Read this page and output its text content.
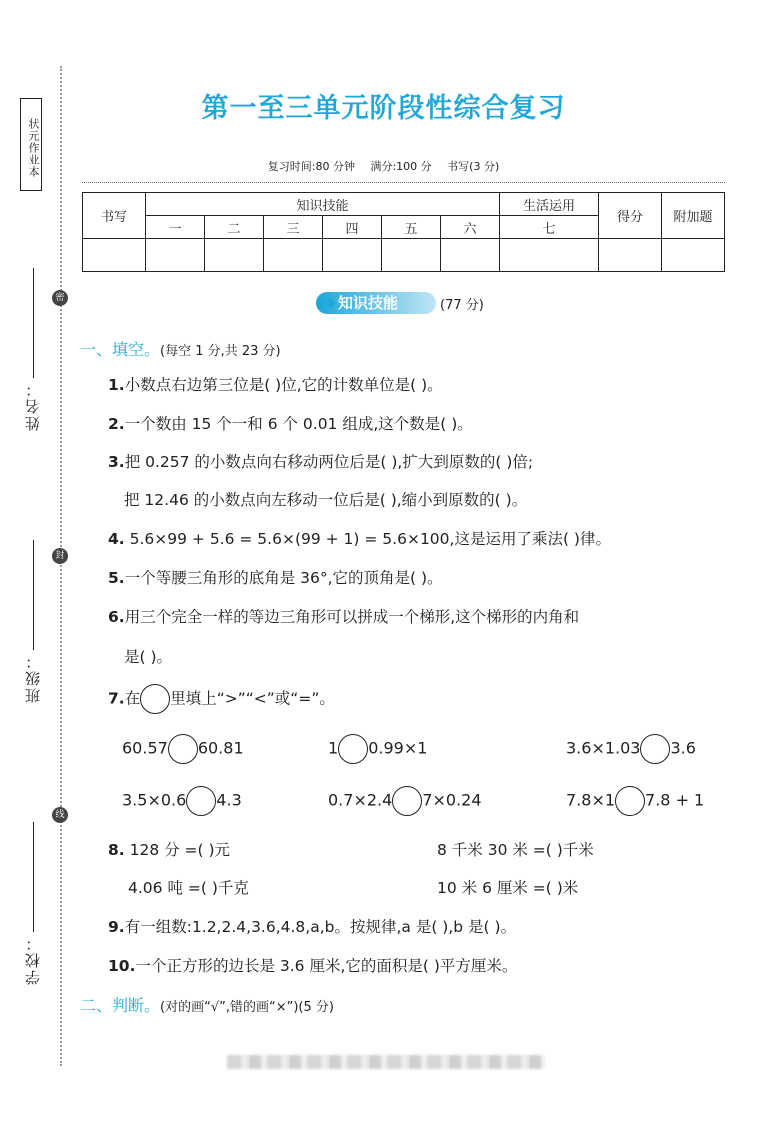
状元作业本
密
封
线
姓名：
班级：
学校：
第一至三单元阶段性综合复习
复习时间:80 分钟 满分:100 分 书写(3 分)
书写	知识技能						生活运用	得分	附加题
	一	二	三	四	五	六	七		

●● 知识技能	(77 分)
一、填空。(每空 1 分,共 23 分)
1.小数点右边第三位是( )位,它的计数单位是( )。
2.一个数由 15 个一和 6 个 0.01 组成,这个数是( )。
3.把 0.257 的小数点向右移动两位后是( ),扩大到原数的( )倍;
把 12.46 的小数点向左移动一位后是( ),缩小到原数的( )。
4. 5.6×99 + 5.6 = 5.6×(99 + 1) = 5.6×100,这是运用了乘法( )律。
5.一个等腰三角形的底角是 36°,它的顶角是( )。
6.用三个完全一样的等边三角形可以拼成一个梯形,这个梯形的内角和
是( )。
7.在 里填上“>”“<”或“=”。
60.57 60.81	1 0.99×1	3.6×1.03 3.6
3.5×0.6 4.3	0.7×2.4 7×0.24	7.8×1 7.8 + 1
8. 128 分 =( )元	8 千米 30 米 =( )千米
4.06 吨 =( )千克	10 米 6 厘米 =( )米
9.有一组数:1.2,2.4,3.6,4.8,a,b。按规律,a 是( ),b 是( )。
10.一个正方形的边长是 3.6 厘米,它的面积是( )平方厘米。
二、判断。(对的画“√”,错的画“×”)(5 分)
